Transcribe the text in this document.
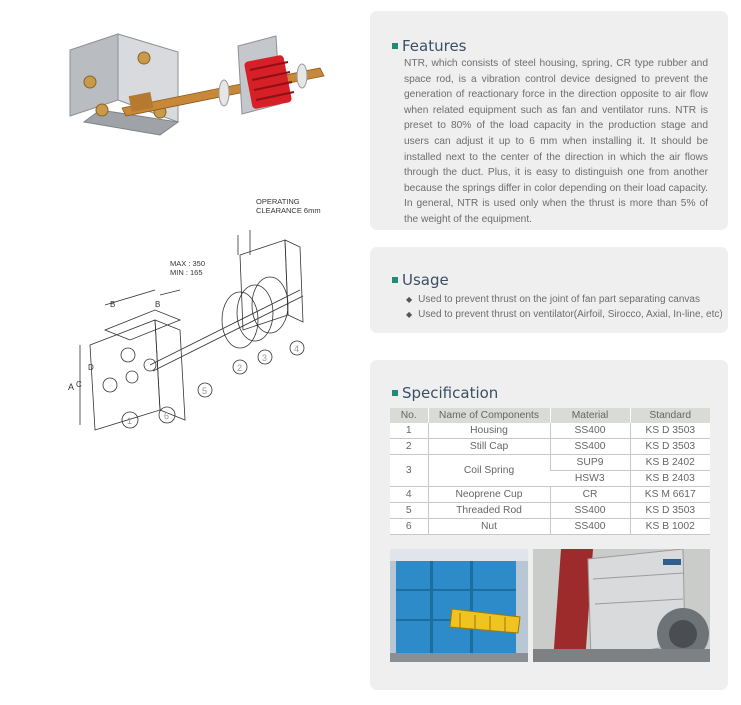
OPERATING
CLEARANCE 6mm
MAX : 350
MIN : 165
A C
B	B
D
1
2
3
4
5
6
Features
NTR, which consists of steel housing, spring, CR type rubber and space rod, is a vibration control device designed to prevent the generation of reactionary force in the direction opposite to air flow when related equipment such as fan and ventilator runs. NTR is preset to 80% of the load capacity in the production stage and users can adjust it up to 6 mm when installing it. It should be installed next to the center of the direction in which the air flows through the duct. Plus, it is easy to distinguish one from another because the springs differ in color depending on their load capacity. In general, NTR is used only when the thrust is more than 5% of the weight of the equipment.
Usage
◆ Used to prevent thrust on the joint of fan part separating canvas
◆ Used to prevent thrust on ventilator(Airfoil, Sirocco, Axial, In-line, etc)
Specification
No.	Name of Components	Material	Standard
1	Housing	SS400	KS D 3503
2	Still Cap	SS400	KS D 3503
3	Coil Spring	SUP9	KS B 2402
		HSW3	KS B 2403
4	Neoprene Cup	CR	KS M 6617
5	Threaded Rod	SS400	KS D 3503
6	Nut	SS400	KS B 1002
